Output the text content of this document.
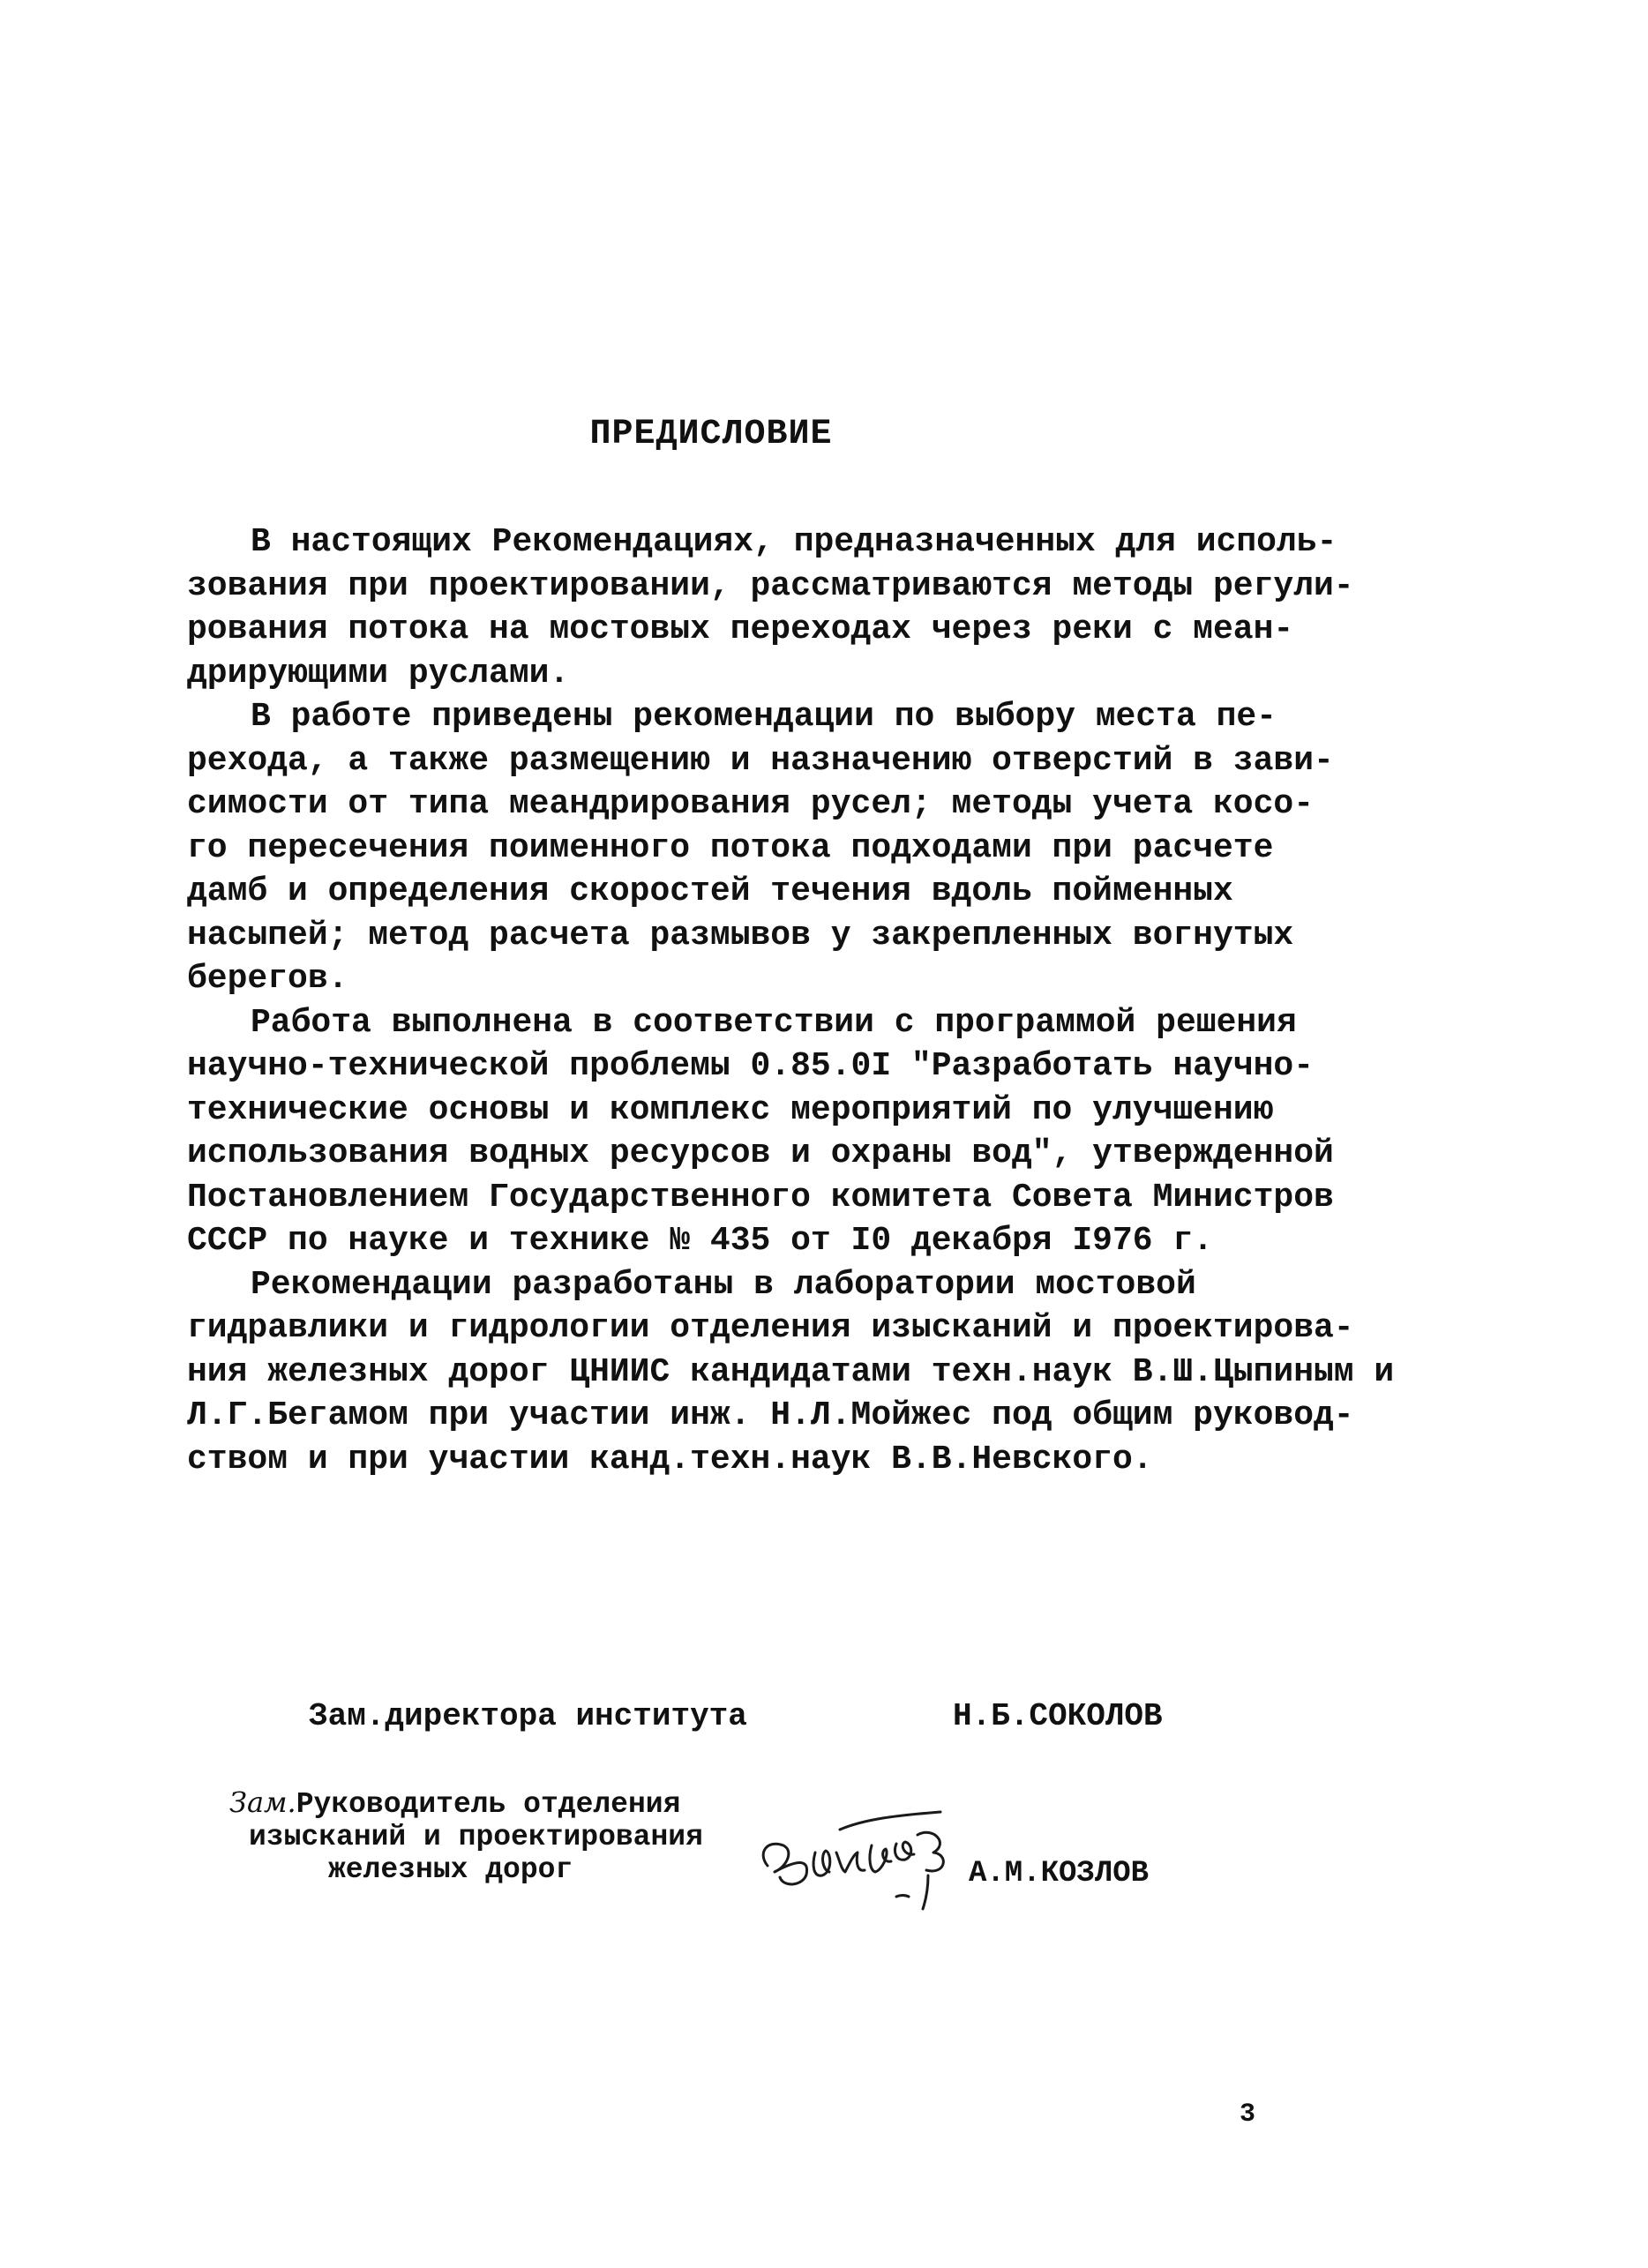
ПРЕДИСЛОВИЕ
В настоящих Рекомендациях, предназначенных для исполь-
зования при проектировании, рассматриваются методы регули-
рования потока на мостовых переходах через реки с меан-
дрирующими руслами.
В работе приведены рекомендации по выбору места пе-
рехода, а также размещению и назначению отверстий в зави-
симости от типа меандрирования русел; методы учета косо-
го пересечения поименного потока подходами при расчете
дамб и определения скоростей течения вдоль пойменных
насыпей; метод расчета размывов у закрепленных вогнутых
берегов.
Работа выполнена в соответствии с программой решения
научно-технической проблемы 0.85.0I "Разработать научно-
технические основы и комплекс мероприятий по улучшению
использования водных ресурсов и охраны вод", утвержденной
Постановлением Государственного комитета Совета Министров
СССР по науке и технике № 435 от I0 декабря I976 г.
Рекомендации разработаны в лаборатории мостовой
гидравлики и гидрологии отделения изысканий и проектирова-
ния железных дорог ЦНИИС кандидатами техн.наук В.Ш.Цыпиным и
Л.Г.Бегамом при участии инж. Н.Л.Мойжес под общим руковод-
ством и при участии канд.техн.наук В.В.Невского.
Зам.директора института	Н.Б.СОКОЛОВ
Зам.Руководитель отделения
изысканий и проектирования
железных дорог	А.М.КОЗЛОВ
3
